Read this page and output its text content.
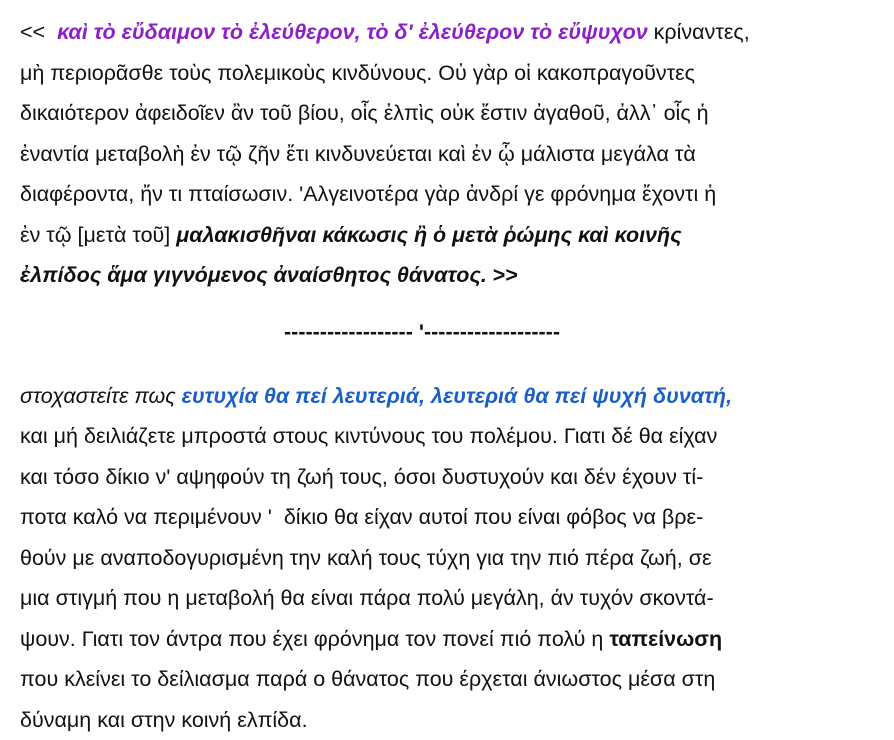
<< καὶ τὸ εὔδαιμον τὸ ἐλεύθερον, τὸ δ' ἐλεύθερον τὸ εὔψυχον κρίναντες,
μὴ περιορᾶσθε τοὺς πολεμικοὺς κινδύνους. Οὐ γὰρ οἱ κακοπραγοῦντες
δικαιότερον ἀφειδοῖεν ἂν τοῦ βίου, οἷς ἐλπὶς οὐκ ἔστιν ἀγαθοῦ, ἀλλ᾽ οἷς ἡ
ἐναντία μεταβολὴ ἐν τῷ ζῆν ἔτι κινδυνεύεται καὶ ἐν ᾧ μάλιστα μεγάλα τὰ
διαφέροντα, ἤν τι πταίσωσιν. 'Αλγεινοτέρα γὰρ ἀνδρί γε φρόνημα ἔχοντι ἡ
ἐν τῷ [μετὰ τοῦ] μαλακισθῆναι κάκωσις ἢ ὁ μετὰ ῥώμης καὶ κοινῆς
ἐλπίδος ἅμα γιγνόμενος ἀναίσθητος θάνατος. >>
------------------ '-------------------
στοχαστείτε πως ευτυχία θα πεί λευτεριά, λευτεριά θα πεί ψυχή δυνατή,
και μή δειλιάζετε μπροστά στους κιντύνους του πολέμου. Γιατι δέ θα είχαν
και τόσο δίκιο ν' αψηφούν τη ζωή τους, όσοι δυστυχούν και δέν έχουν τί-
ποτα καλό να περιμένουν '  δίκιο θα είχαν αυτοί που είναι φόβος να βρε-
θούν με αναποδογυρισμένη την καλή τους τύχη για την πιό πέρα ζωή, σε
μια στιγμή που η μεταβολή θα είναι πάρα πολύ μεγάλη, άν τυχόν σκοντά-
ψουν. Γιατι τον άντρα που έχει φρόνημα τον πονεί πιό πολύ η ταπείνωση
που κλείνει το δείλιασμα παρά ο θάνατος που έρχεται άνιωστος μέσα στη
δύναμη και στην κοινή ελπίδα.
